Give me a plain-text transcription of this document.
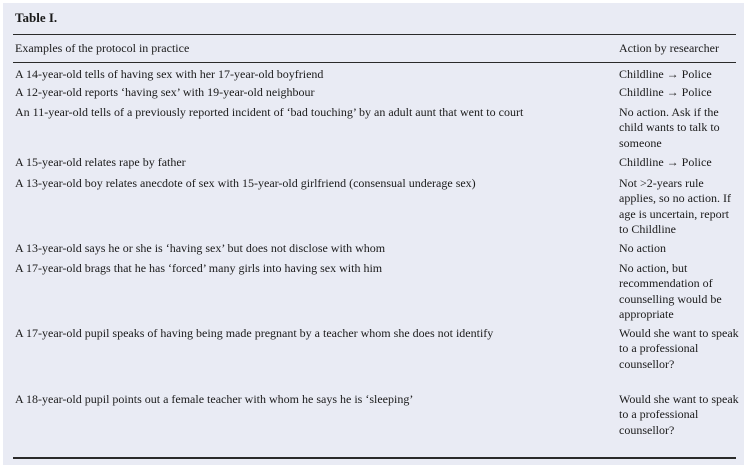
Table I.
Examples of the protocol in practice	Action by researcher
A 14-year-old tells of having sex with her 17-year-old boyfriend	Childline → Police
A 12-year-old reports ‘having sex’ with 19-year-old neighbour	Childline → Police
An 11-year-old tells of a previously reported incident of ‘bad touching’ by an adult aunt that went to court	No action. Ask if the child wants to talk to someone
A 15-year-old relates rape by father	Childline → Police
A 13-year-old boy relates anecdote of sex with 15-year-old girlfriend (consensual underage sex)	Not >2-years rule applies, so no action. If age is uncertain, report to Childline
A 13-year-old says he or she is ‘having sex’ but does not disclose with whom	No action
A 17-year-old brags that he has ‘forced’ many girls into having sex with him	No action, but recommendation of counselling would be appropriate
A 17-year-old pupil speaks of having being made pregnant by a teacher whom she does not identify	Would she want to speak to a professional counsellor?
A 18-year-old pupil points out a female teacher with whom he says he is ‘sleeping’	Would she want to speak to a professional counsellor?
